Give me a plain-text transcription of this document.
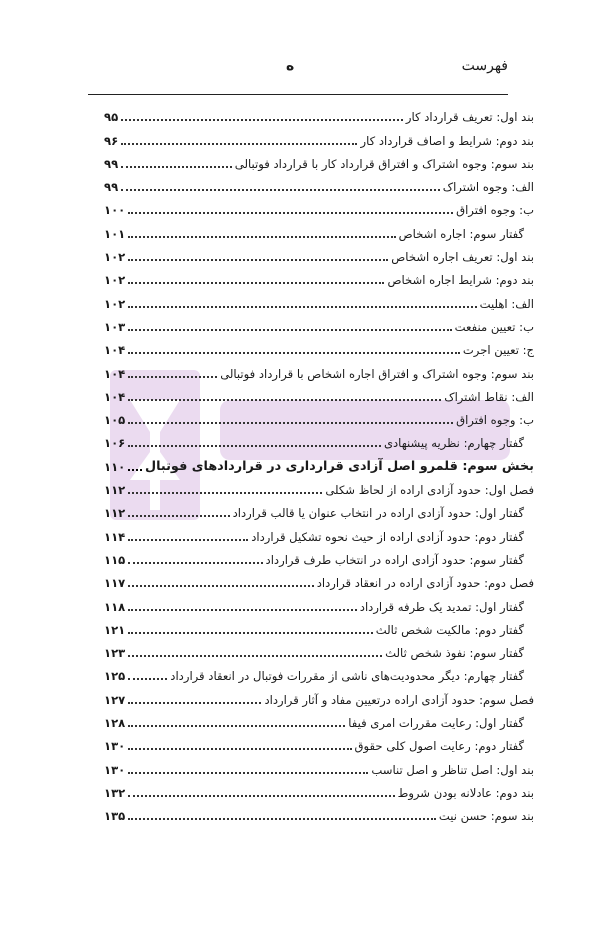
فهرست
ه
بند اول: تعریف قرارداد کار
۹۵
بند دوم: شرایط و اصاف قرارداد کار
۹۶
بند سوم: وجوه اشتراک و افتراق قرارداد کار با قرارداد فوتبالی
۹۹
الف: وجوه اشتراک
۹۹
ب: وجوه افتراق
۱۰۰
گفتار سوم: اجاره اشخاص
۱۰۱
بند اول: تعریف اجاره اشخاص
۱۰۲
بند دوم: شرایط اجاره اشخاص
۱۰۲
الف: اهلیت
۱۰۲
ب: تعیین منفعت
۱۰۳
ج: تعیین اجرت
۱۰۴
بند سوم: وجوه اشتراک و افتراق اجاره اشخاص با قرارداد فوتبالی
۱۰۴
الف: نقاط اشتراک
۱۰۴
ب: وجوه افتراق
۱۰۵
گفتار چهارم: نظریه پیشنهادی
۱۰۶
بخش سوم: قلمرو اصل آزادی قرارداری در قراردادهای فوتبال
۱۱۰
فصل اول: حدود آزادی اراده از لحاظ شکلی
۱۱۲
گفتار اول: حدود آزادی اراده در انتخاب عنوان یا قالب قرارداد
۱۱۲
گفتار دوم: حدود آزادی اراده از حیث نحوه تشکیل قرارداد
۱۱۴
گفتار سوم: حدود آزادی اراده در انتخاب طرف قرارداد
۱۱۵
فصل دوم: حدود آزادی اراده در انعقاد قرارداد
۱۱۷
گفتار اول: تمدید یک طرفه قرارداد
۱۱۸
گفتار دوم: مالکیت شخص ثالث
۱۲۱
گفتار سوم: نفوذ شخص ثالث
۱۲۳
گفتار چهارم: دیگر محدودیت‌های ناشی از مقررات فوتبال در انعقاد قرارداد
۱۲۵
فصل سوم: حدود آزادی اراده درتعیین مفاد و آثار قرارداد
۱۲۷
گفتار اول: رعایت مقررات امری فیفا
۱۲۸
گفتار دوم: رعایت اصول کلی حقوق
۱۳۰
بند اول: اصل تناظر و اصل تناسب
۱۳۰
بند دوم: عادلانه بودن شروط
۱۳۲
بند سوم: حسن نیت
۱۳۵
